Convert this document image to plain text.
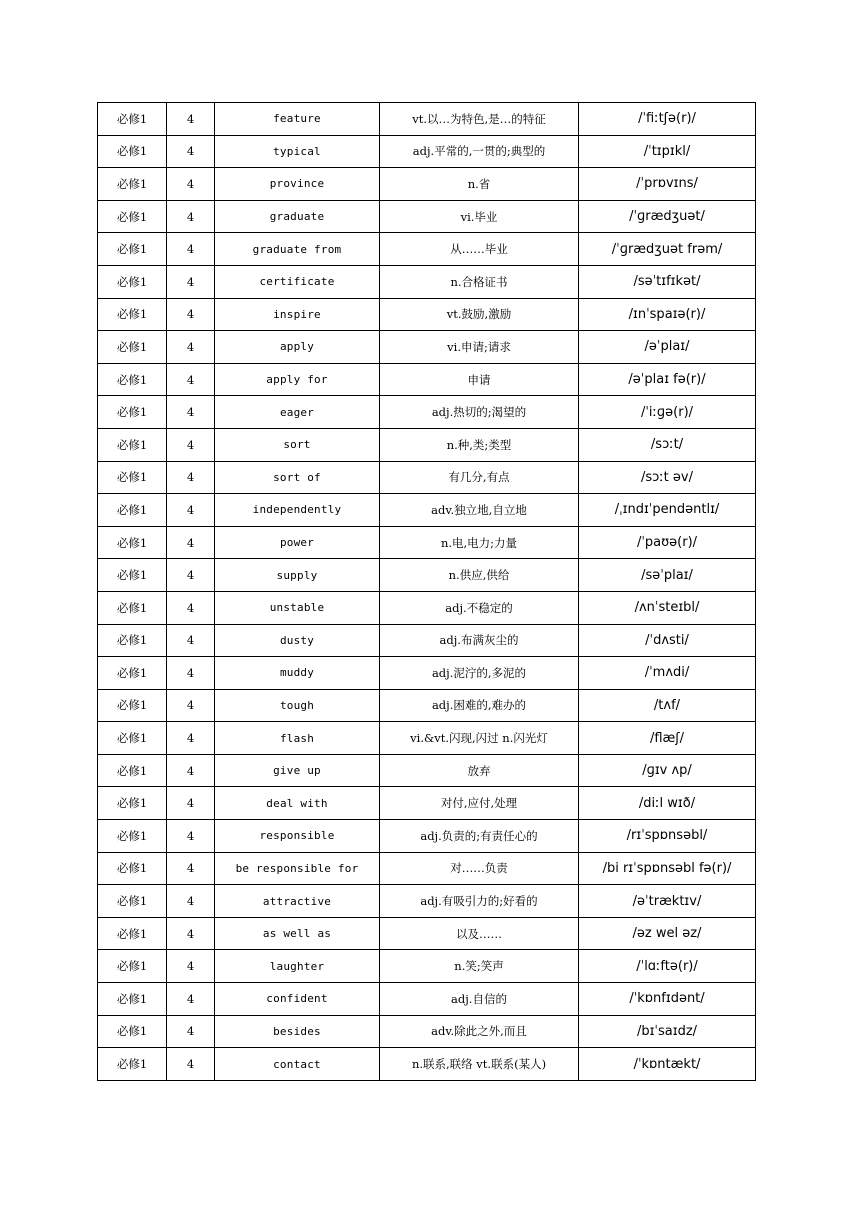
必修1	4	feature	vt.以…为特色,是…的特征	/ˈfiːtʃə(r)/
必修1	4	typical	adj.平常的,一贯的;典型的	/ˈtɪpɪkl/
必修1	4	province	n.省	/ˈprɒvɪns/
必修1	4	graduate	vi.毕业	/ˈɡrædʒuət/
必修1	4	graduate from	从……毕业	/ˈɡrædʒuət frəm/
必修1	4	certificate	n.合格证书	/səˈtɪfɪkət/
必修1	4	inspire	vt.鼓励,激励	/ɪnˈspaɪə(r)/
必修1	4	apply	vi.申请;请求	/əˈplaɪ/
必修1	4	apply for	申请	/əˈplaɪ fə(r)/
必修1	4	eager	adj.热切的;渴望的	/ˈiːɡə(r)/
必修1	4	sort	n.种,类;类型	/sɔːt/
必修1	4	sort of	有几分,有点	/sɔːt əv/
必修1	4	independently	adv.独立地,自立地	/ˌɪndɪˈpendəntlɪ/
必修1	4	power	n.电,电力;力量	/ˈpaʊə(r)/
必修1	4	supply	n.供应,供给	/səˈplaɪ/
必修1	4	unstable	adj.不稳定的	/ʌnˈsteɪbl/
必修1	4	dusty	adj.布满灰尘的	/ˈdʌsti/
必修1	4	muddy	adj.泥泞的,多泥的	/ˈmʌdi/
必修1	4	tough	adj.困难的,难办的	/tʌf/
必修1	4	flash	vi.&vt.闪现,闪过 n.闪光灯	/flæʃ/
必修1	4	give up	放弃	/ɡɪv ʌp/
必修1	4	deal with	对付,应付,处理	/diːl wɪð/
必修1	4	responsible	adj.负责的;有责任心的	/rɪˈspɒnsəbl/
必修1	4	be responsible for	对……负责	/bi rɪˈspɒnsəbl fə(r)/
必修1	4	attractive	adj.有吸引力的;好看的	/əˈtræktɪv/
必修1	4	as well as	以及……	/əz wel əz/
必修1	4	laughter	n.笑;笑声	/ˈlɑːftə(r)/
必修1	4	confident	adj.自信的	/ˈkɒnfɪdənt/
必修1	4	besides	adv.除此之外,而且	/bɪˈsaɪdz/
必修1	4	contact	n.联系,联络 vt.联系(某人)	/ˈkɒntækt/
